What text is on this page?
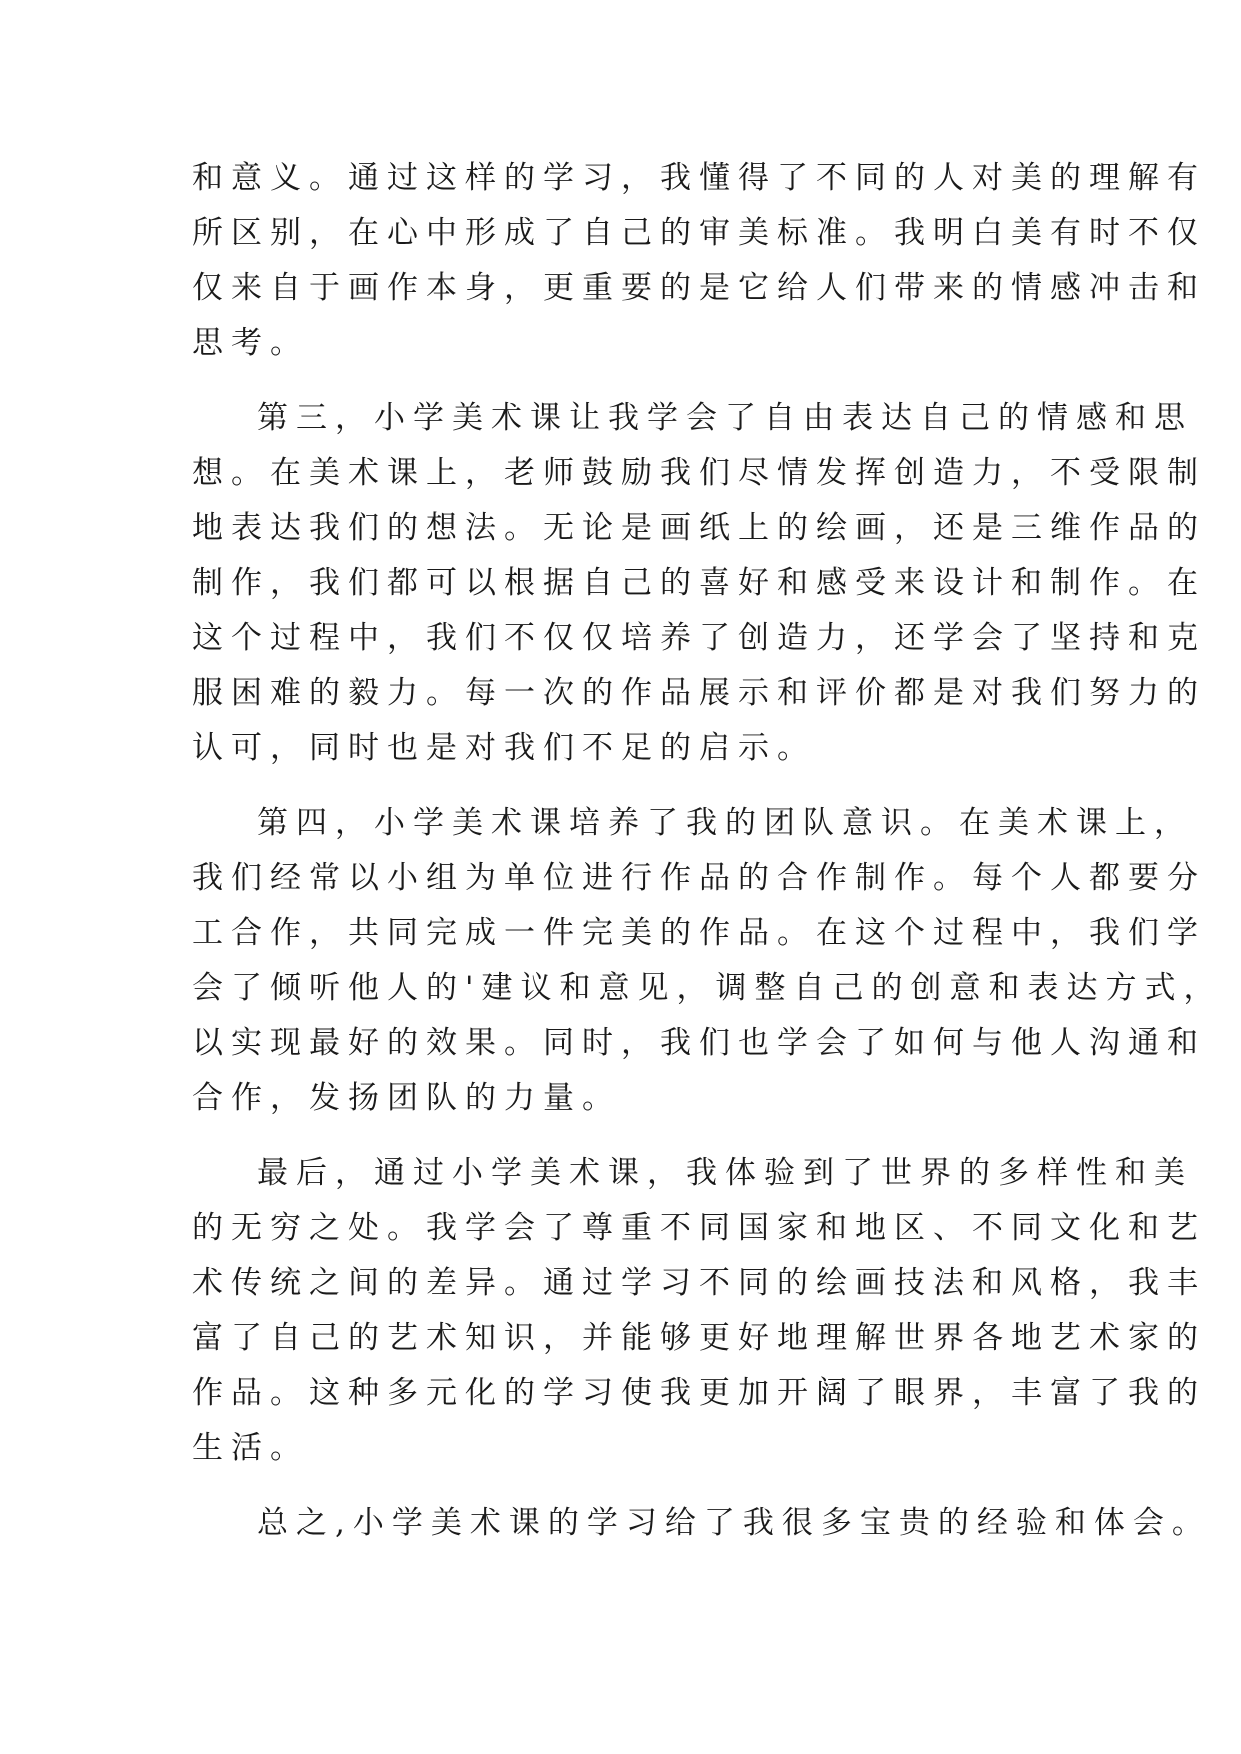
和意义。通过这样的学习，我懂得了不同的人对美的理解有

所区别，在心中形成了自己的审美标准。我明白美有时不仅

仅来自于画作本身，更重要的是它给人们带来的情感冲击和

思考。

第三，小学美术课让我学会了自由表达自己的情感和思

想。在美术课上，老师鼓励我们尽情发挥创造力，不受限制

地表达我们的想法。无论是画纸上的绘画，还是三维作品的

制作，我们都可以根据自己的喜好和感受来设计和制作。在

这个过程中，我们不仅仅培养了创造力，还学会了坚持和克

服困难的毅力。每一次的作品展示和评价都是对我们努力的

认可，同时也是对我们不足的启示。

第四，小学美术课培养了我的团队意识。在美术课上，

我们经常以小组为单位进行作品的合作制作。每个人都要分

工合作，共同完成一件完美的作品。在这个过程中，我们学

会了倾听他人的'建议和意见，调整自己的创意和表达方式，

以实现最好的效果。同时，我们也学会了如何与他人沟通和

合作，发扬团队的力量。

最后，通过小学美术课，我体验到了世界的多样性和美

的无穷之处。我学会了尊重不同国家和地区、不同文化和艺

术传统之间的差异。通过学习不同的绘画技法和风格，我丰

富了自己的艺术知识，并能够更好地理解世界各地艺术家的

作品。这种多元化的学习使我更加开阔了眼界，丰富了我的

生活。

总之,小学美术课的学习给了我很多宝贵的经验和体会。
